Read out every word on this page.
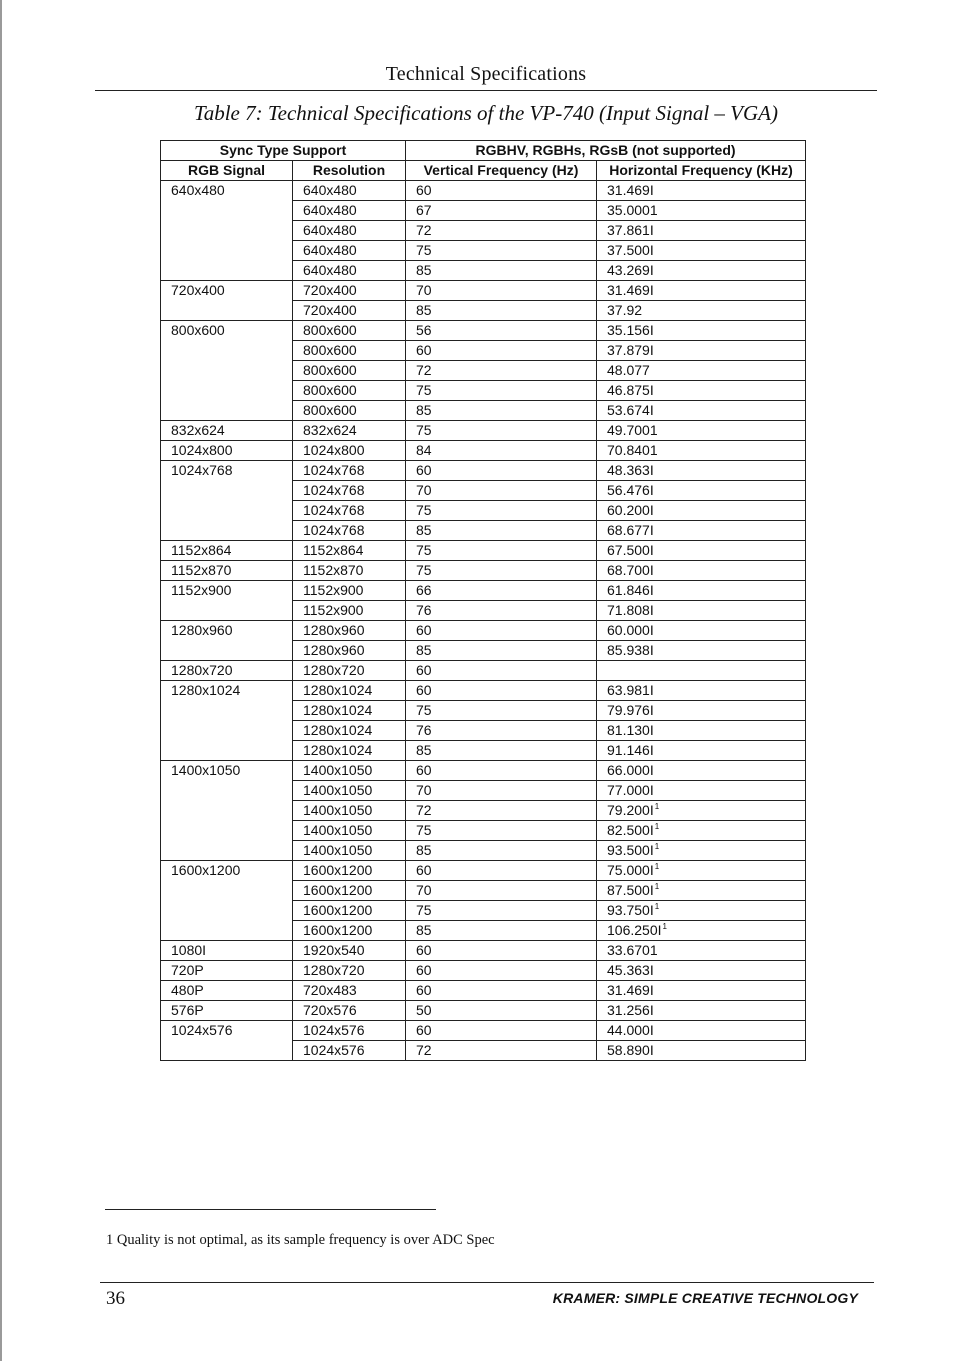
Technical Specifications
Table 7: Technical Specifications of the VP-740 (Input Signal – VGA)
Sync Type Support		RGBHV, RGBHs, RGsB (not supported)	
RGB Signal	Resolution	Vertical Frequency (Hz)	Horizontal Frequency (KHz)
640x480	640x480	60	31.469I
	640x480	67	35.0001
	640x480	72	37.861I
	640x480	75	37.500I
	640x480	85	43.269I
720x400	720x400	70	31.469I
	720x400	85	37.92
800x600	800x600	56	35.156I
	800x600	60	37.879I
	800x600	72	48.077
	800x600	75	46.875I
	800x600	85	53.674I
832x624	832x624	75	49.7001
1024x800	1024x800	84	70.8401
1024x768	1024x768	60	48.363I
	1024x768	70	56.476I
	1024x768	75	60.200I
	1024x768	85	68.677I
1152x864	1152x864	75	67.500I
1152x870	1152x870	75	68.700I
1152x900	1152x900	66	61.846I
	1152x900	76	71.808I
1280x960	1280x960	60	60.000I
	1280x960	85	85.938I
1280x720	1280x720	60	
1280x1024	1280x1024	60	63.981I
	1280x1024	75	79.976I
	1280x1024	76	81.130I
	1280x1024	85	91.146I
1400x1050	1400x1050	60	66.000I
	1400x1050	70	77.000I
	1400x1050	72	79.200I$^1$
	1400x1050	75	82.500I$^1$
	1400x1050	85	93.500I$^1$
1600x1200	1600x1200	60	75.000I$^1$
	1600x1200	70	87.500I$^1$
	1600x1200	75	93.750I$^1$
	1600x1200	85	106.250I$^1$
1080I	1920x540	60	33.6701
720P	1280x720	60	45.363I
480P	720x483	60	31.469I
576P	720x576	50	31.256I
1024x576	1024x576	60	44.000I
	1024x576	72	58.890I
1 Quality is not optimal, as its sample frequency is over ADC Spec
36	KRAMER: SIMPLE CREATIVE TECHNOLOGY
